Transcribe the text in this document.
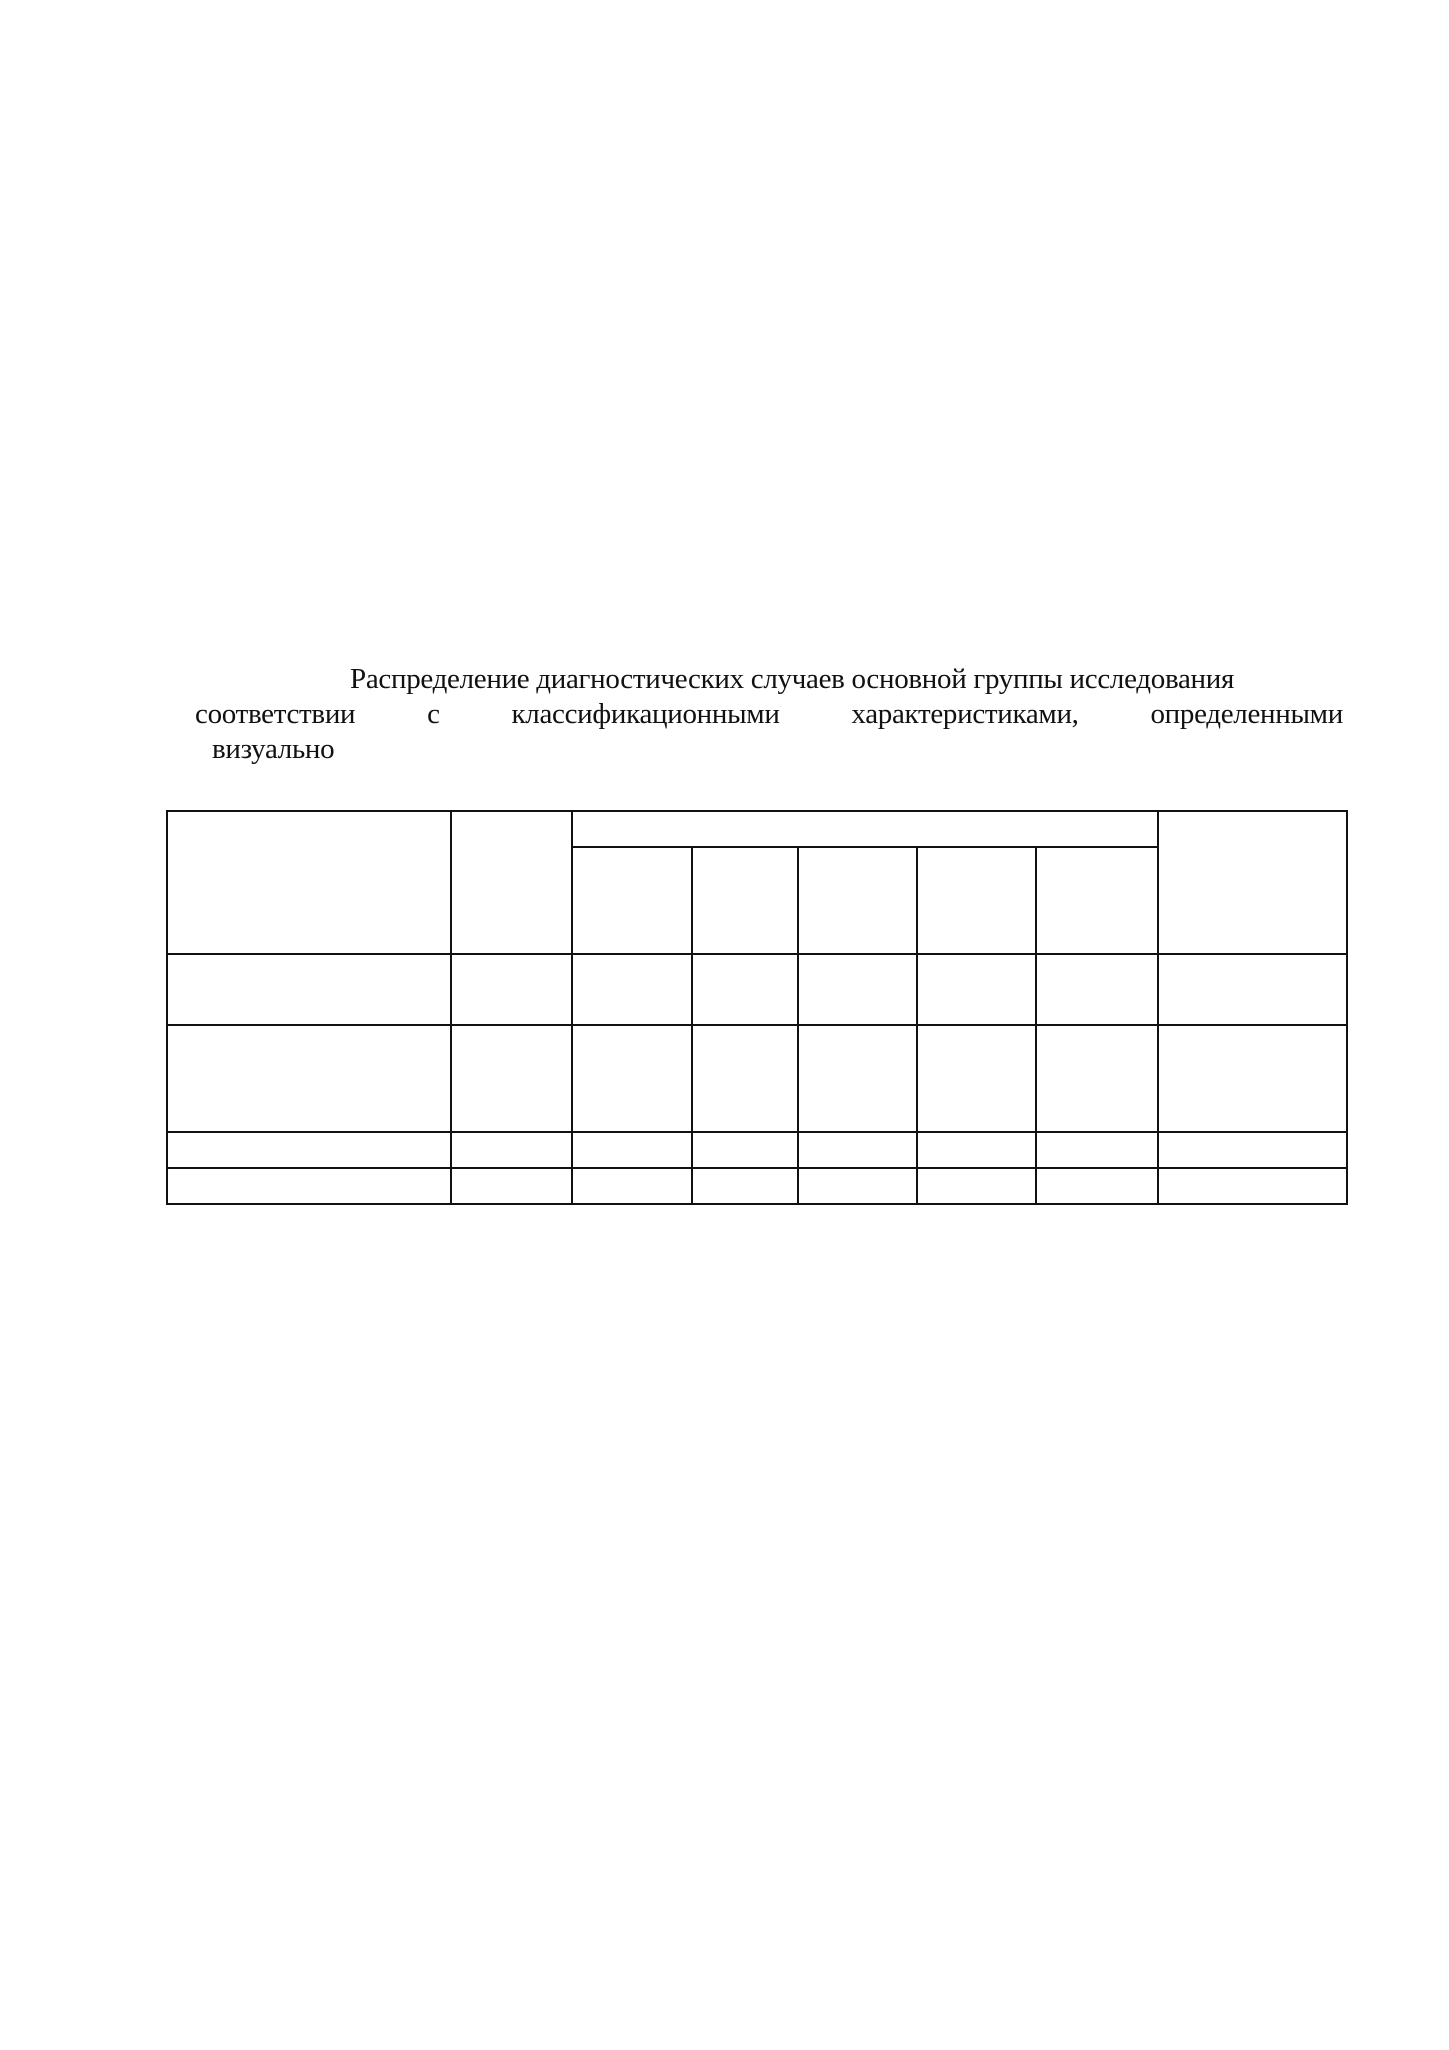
Распределение диагностических случаев основной группы исследования
соответствии с классификационными характеристиками, определенными
визуально
